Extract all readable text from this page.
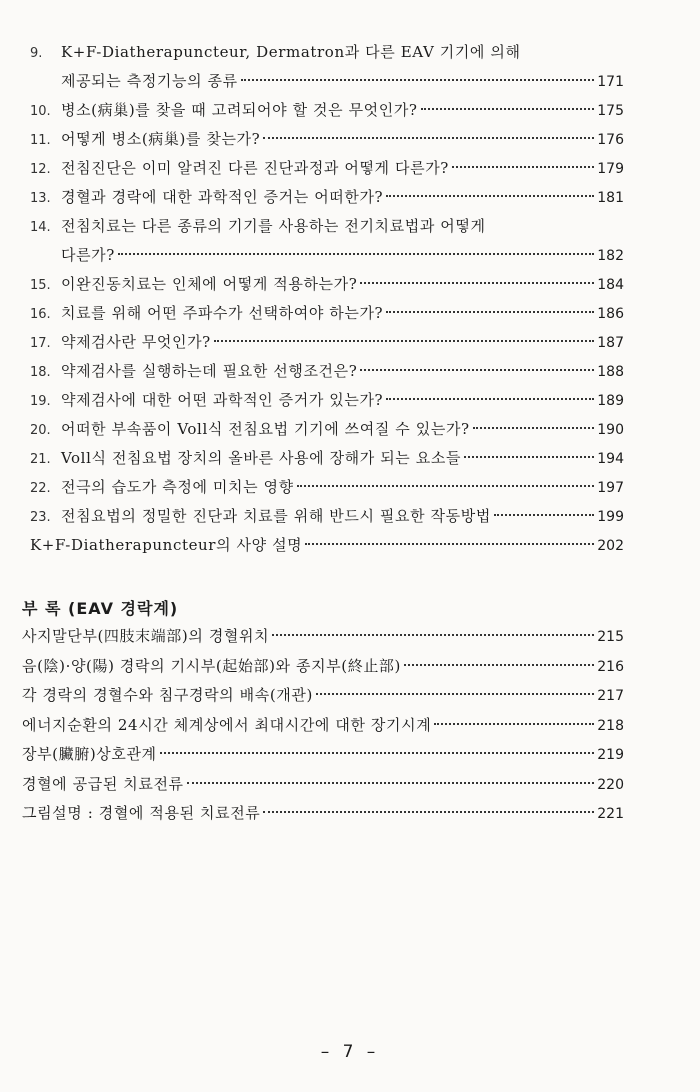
9.	K+F-Diatherapuncteur, Dermatron과 다른 EAV 기기에 의해
제공되는 측정기능의 종류	171
10. 병소(病巢)를 찾을 때 고려되어야 할 것은 무엇인가?	175
11. 어떻게 병소(病巢)를 찾는가?	176
12. 전침진단은 이미 알려진 다른 진단과정과 어떻게 다른가?	179
13. 경혈과 경락에 대한 과학적인 증거는 어떠한가?	181
14. 전침치료는 다른 종류의 기기를 사용하는 전기치료법과 어떻게
다른가?	182
15. 이완진동치료는 인체에 어떻게 적용하는가?	184
16. 치료를 위해 어떤 주파수가 선택하여야 하는가?	186
17. 약제검사란 무엇인가?	187
18. 약제검사를 실행하는데 필요한 선행조건은?	188
19. 약제검사에 대한 어떤 과학적인 증거가 있는가?	189
20. 어떠한 부속품이 Voll식 전침요법 기기에 쓰여질 수 있는가?	190
21. Voll식 전침요법 장치의 올바른 사용에 장해가 되는 요소들	194
22. 전극의 습도가 측정에 미치는 영향	197
23. 전침요법의 정밀한 진단과 치료를 위해 반드시 필요한 작동방법	199
K+F-Diatherapuncteur의 사양 설명	202
부 록 (EAV 경락계)
사지말단부(四肢末端部)의 경혈위치	215
음(陰)·양(陽) 경락의 기시부(起始部)와 종지부(終止部)	216
각 경락의 경혈수와 침구경락의 배속(개관)	217
에너지순환의 24시간 체계상에서 최대시간에 대한 장기시계	218
장부(臟腑)상호관계	219
경혈에 공급된 치료전류	220
그림설명 : 경혈에 적용된 치료전류	221
– 7 –
